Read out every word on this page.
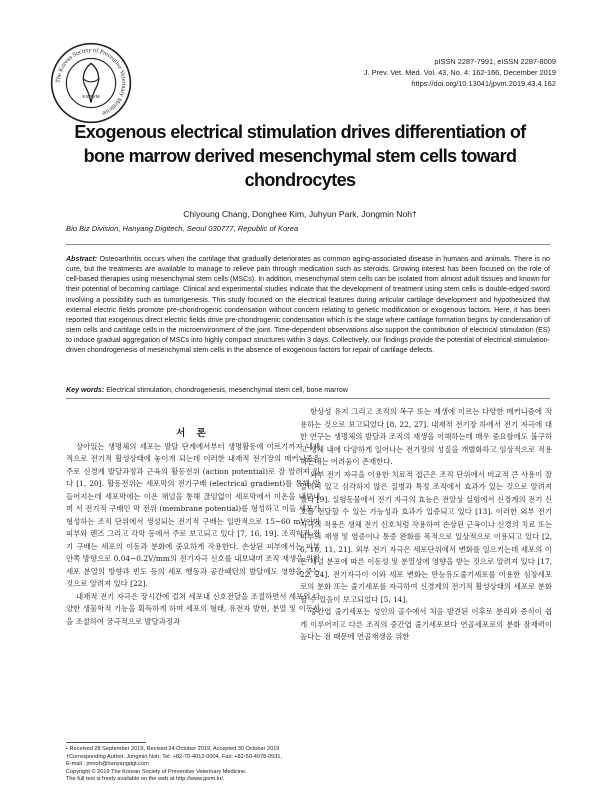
The Korean Society of Preventive Veterinary Medicine
KSPVM
pISSN 2287-7991, eISSN 2287-8009
J. Prev. Vet. Med. Vol. 43, No. 4: 162-166, December 2019
https://doi.org/10.13041/jpvm.2019.43.4.162
Exogenous electrical stimulation drives differentiation of bone marrow derived mesenchymal stem cells toward chondrocytes
Chiyoung Chang, Donghee Kim, Juhyun Park, Jongmin Noh†
Bio Biz Division, Hanyang Digitech, Seoul 030777, Republic of Korea

Abstract: Osteoarthritis occurs when the cartilage that gradually deteriorates as common aging-associated disease in humans and animals. There is no cure, but the treatments are available to manage to relieve pain through medication such as steroids. Growing interest has been focused on the role of cell-based therapies using mesenchymal stem cells (MSCs). In addition, mesenchymal stem cells can be isolated from almost adult tissues and known for their potential of becoming cartilage. Clinical and experimental studies indicate that the development of treatment using stem cells is double-edged sword involving a possibility such as tumorigenesis. This study focused on the electrical features during articular cartilage development and hypothesized that external electric fields promote pre-chondrogenic condensation without concern relating to genetic modification or exogenous factors. Here, it has been reported that exogenous direct electric fields drive pre-chondrogenic condensation which is the stage where cartilage formation begins by condensation of stem cells and cartilage cells in the microenvironment of the joint. Time-dependent observations also support the contribution of electrical stimulation (ES) to induce gradual aggregation of MSCs into highly compact structures within 3 days. Collectively, our findings provide the potential of electrical stimulation-driven chondrogenesis of mesenchymal stem cells in the absence of exogenous factors for repair of cartilage defects.

Key words: Electrical stimulation, chondrogenesis, mesenchymal stem cell, bone marrow

서 론

살아있는 생명체의 세포는 발달 단계에서부터 생명활동에 이르기까지 내재적으로 전기적 활성상태에 놓이게 되는데 이러한 내재적 전기장의 메커니즘은 주로 신경계 발달과정과 근육의 활동전위 (action potential)로 잘 알려져 있다 [1, 20]. 활동전위는 세포막의 전기구배 (electrical gradient)를 통해 만들어지는데 세포막에는 이온 채널을 통해 끊임없이 세포막에서 이온을 내보내며 서 전기적 구배인 막 전위 (membrane potential)를 형성하고 이들 세포가 형성하는 조직 단위에서 생성되는 전기적 구배는 일반적으로 15~60 mV이며 피부와 렌즈 그리고 각막 등에서 주로 보고되고 있다 [7, 16, 19]. 조직학적 전기 구배는 세포의 이동과 분화에 중요하게 작용한다. 손상된 피부에서는 피부 안쪽 방향으로 0.04~0.2V/mm의 전기자극 신호를 내보내며 조직 재생을 위한 세포 분열의 방향과 빈도 등의 세포 행동과 공간패턴의 발달에도 영향을 주는 것으로 알려져 있다 [22].

내재적 전기 자극은 장시간에 걸쳐 세포내 신호전달을 조절하면서 세포의 다양한 생물학적 기능을 획득하게 하며 세포의 형태, 유전자 발현, 분열 및 이동성을 조절하여 궁극적으로 발달과정과

항상성 유지 그리고 조직의 복구 또는 재생에 이르는 다양한 메커니즘에 작용하는 것으로 보고되었다 [8, 22, 27]. 내재적 전기장 하에서 전기 자극에 대한 연구는 생명체의 발달과 조직의 재생을 이해하는데 매우 중요함에도 불구하고 생체 내에 다양하게 일어나는 전기장의 성질을 개별화하고 임상적으로 적용하는데는 어려움이 존재한다.

외부 전기 자극을 이용한 치료적 접근은 조직 단위에서 비교적 큰 사용이 잘 알려져 있고 심각하지 않은 질병과 특정 조직에서 효과가 있는 것으로 알려져 있다 [9]. 실험동물에서 전기 자극의 효능은 전알상 실험에서 신경계의 전기 신호를 전달할 수 있는 가능성과 효과가 입증되고 있다 [13]. 이러한 외부 전기 자극의 적용은 생체 전기 신호처럼 작용하여 손상된 근육이나 신경의 치료 또는 피부의 재생 및 염증이나 통증 완화를 목적으로 일상적으로 이용되고 있다 [2, 6, 10, 11, 21]. 외부 전기 자극은 세포단위에서 변화를 일으키는데 세포의 이온 채널 분포에 따른 이동성 및 분열성에 영향을 받는 것으로 알려져 있다 [17, 22, 24]. 전기자극이 이와 세포 변화는 만능유도줄기세포를 이용한 심장세포로의 분화 또는 줄기세포를 자극하여 신경계의 전기적 활성상태의 세포로 분화할 수 있음이 보고되었다 [5, 14].

중간엽 줄기세포는 성인의 골수에서 처음 발견된 이후로 분리와 증식이 쉽게 이루어지고 다른 조직의 중간엽 줄기세포보다 연골세포로의 분화 잠재력이 높다는 점 때문에 연골재생을 위한

• Received 28 September 2019, Revised 24 October 2019, Accepted 30 October 2019
†Corresponding Author. Jongmin Noh, Tel: +82-70-4012-0004, Fax: +82-50-4078-0531,
E-mail : jmnoh@hanyangdgt.com
Copyright © 2019 The Korean Society of Preventive Veterinary Medicine.
The full text is freely available on the web at http://www.jpvm.kr/.
